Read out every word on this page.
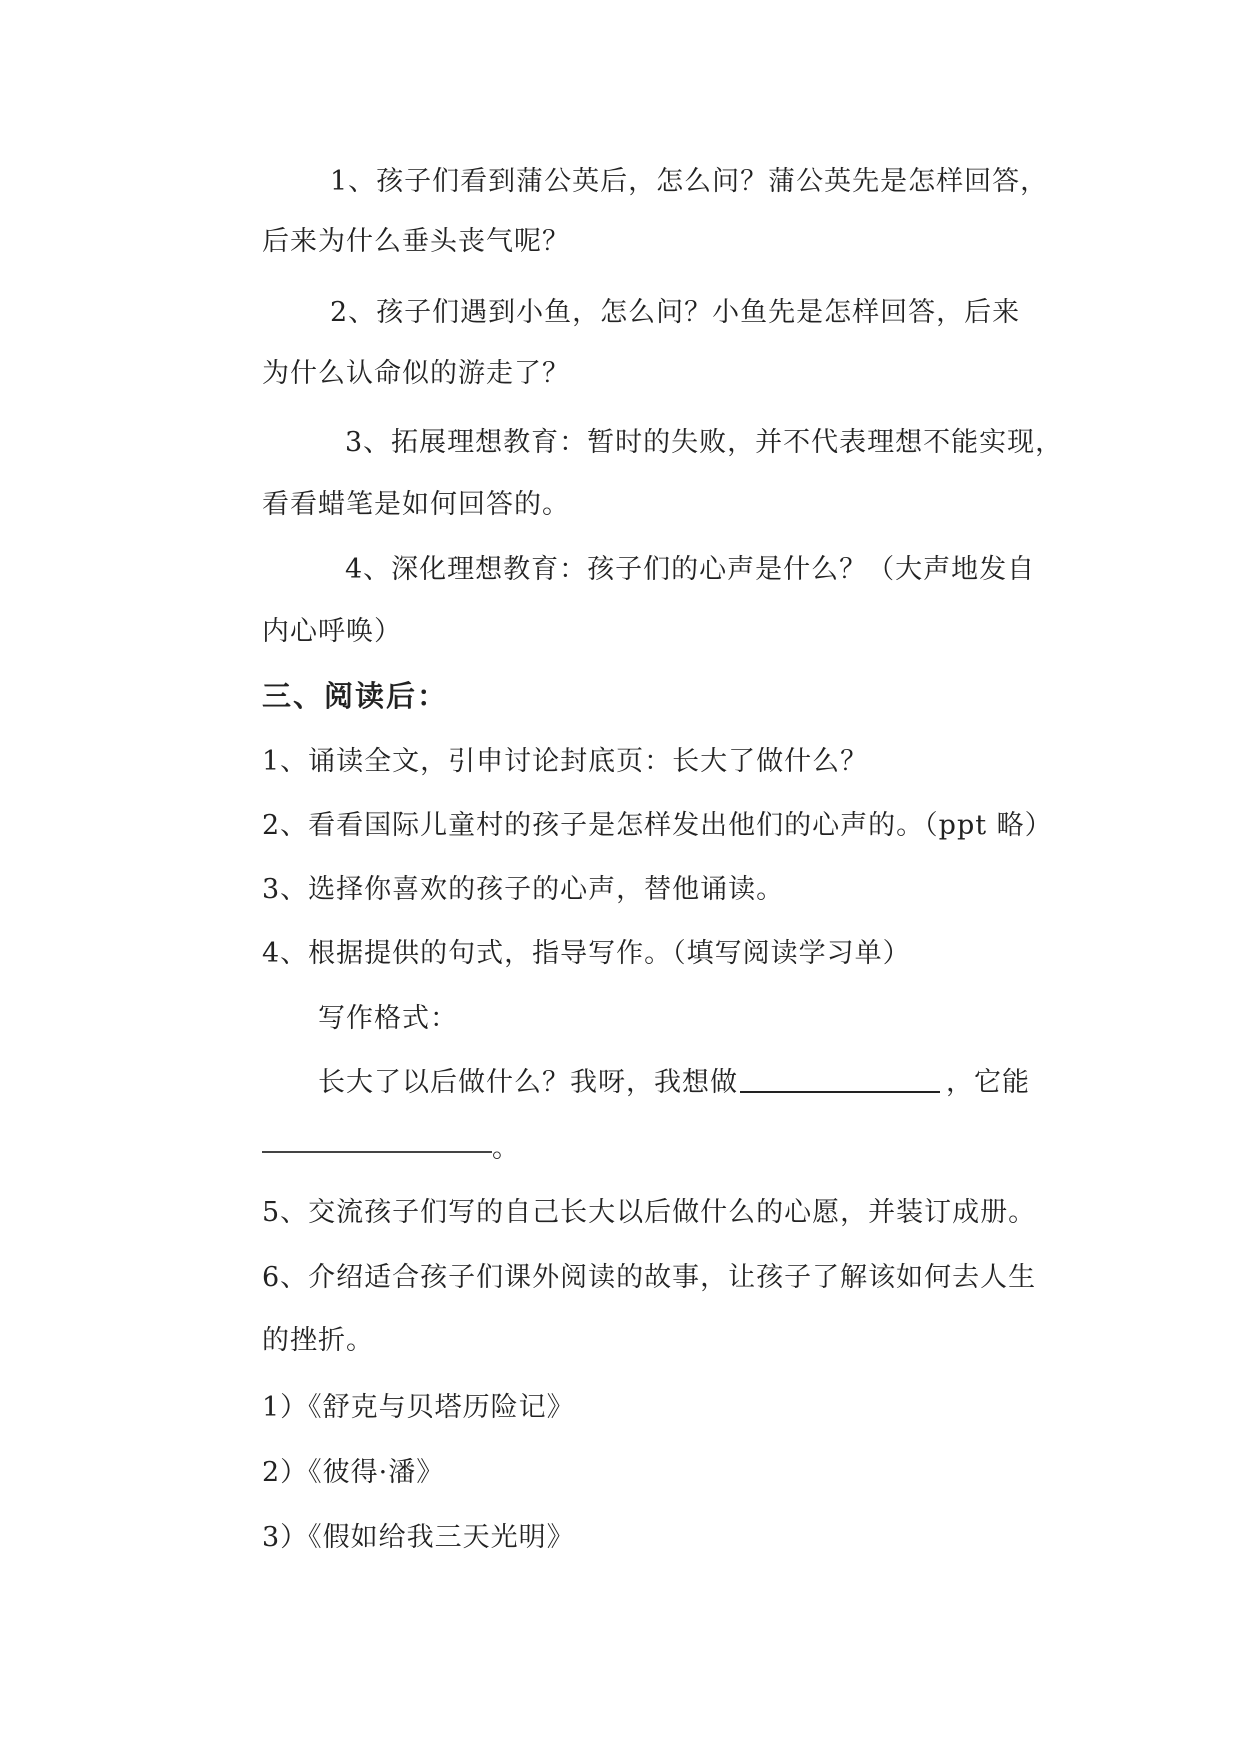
1、孩子们看到蒲公英后，怎么问？蒲公英先是怎样回答，
后来为什么垂头丧气呢？
2、孩子们遇到小鱼，怎么问？小鱼先是怎样回答，后来
为什么认命似的游走了？
3、拓展理想教育：暂时的失败，并不代表理想不能实现，
看看蜡笔是如何回答的。
4、深化理想教育：孩子们的心声是什么？（大声地发自
内心呼唤）
三、阅读后：
1、诵读全文，引申讨论封底页：长大了做什么？
2、看看国际儿童村的孩子是怎样发出他们的心声的。（ppt 略）
3、选择你喜欢的孩子的心声，替他诵读。
4、根据提供的句式，指导写作。（填写阅读学习单）
写作格式：
长大了以后做什么？我呀，我想做	，它能
。
5、交流孩子们写的自己长大以后做什么的心愿，并装订成册。
6、介绍适合孩子们课外阅读的故事，让孩子了解该如何去人生
的挫折。
1）《舒克与贝塔历险记》
2）《彼得·潘》
3）《假如给我三天光明》
